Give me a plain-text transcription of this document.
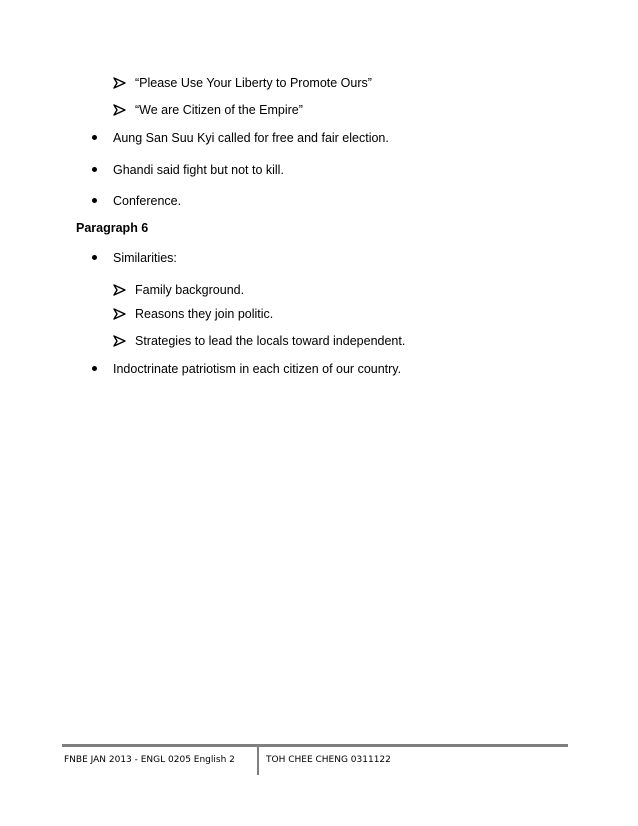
“Please Use Your Liberty to Promote Ours”
“We are Citizen of the Empire”
Aung San Suu Kyi called for free and fair election.
Ghandi said fight but not to kill.
Conference.
Paragraph 6
Similarities:
Family background.
Reasons they join politic.
Strategies to lead the locals toward independent.
Indoctrinate patriotism in each citizen of our country.
FNBE JAN 2013 - ENGL 0205 English 2	TOH CHEE CHENG 0311122
